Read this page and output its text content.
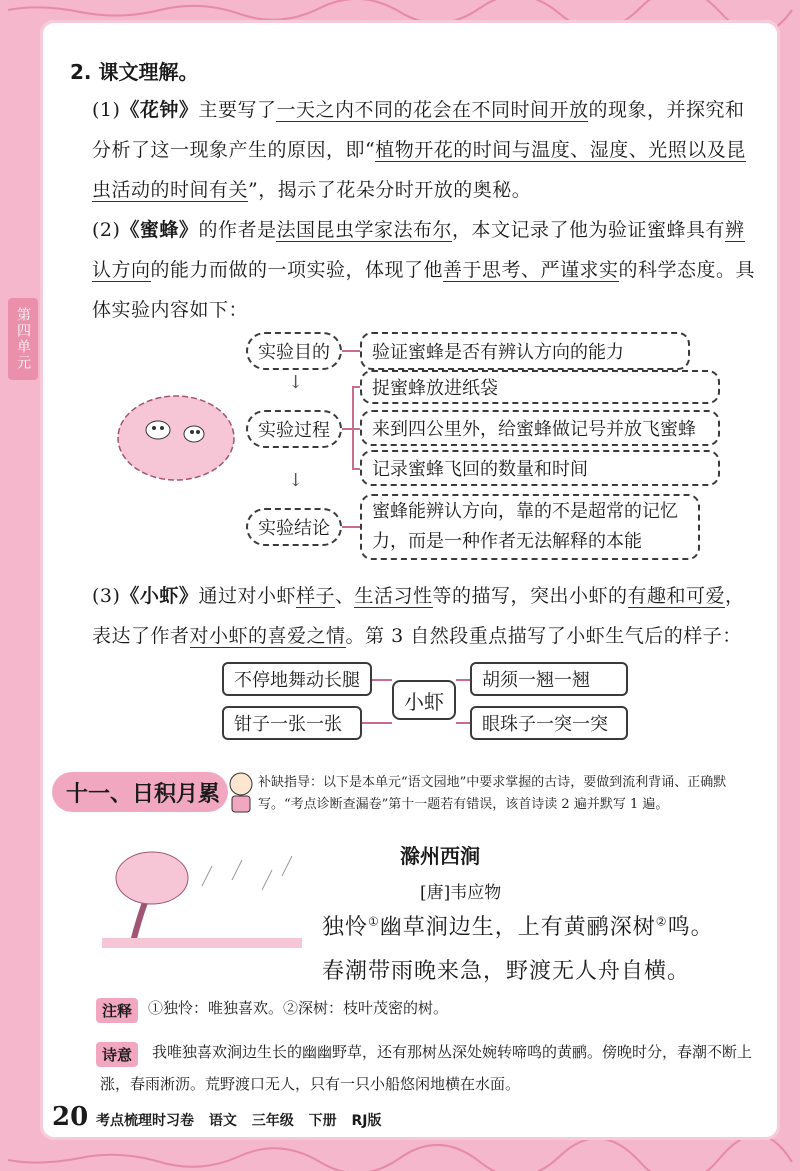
第四单元
2. 课文理解。
(1)《花钟》主要写了一天之内不同的花会在不同时间开放的现象，并探究和分析了这一现象产生的原因，即“植物开花的时间与温度、湿度、光照以及昆虫活动的时间有关”，揭示了花朵分时开放的奥秘。
(2)《蜜蜂》的作者是法国昆虫学家法布尔，本文记录了他为验证蜜蜂具有辨认方向的能力而做的一项实验，体现了他善于思考、严谨求实的科学态度。具体实验内容如下：
↓
↓
实验目的	验证蜜蜂是否有辨认方向的能力
实验过程
捉蜜蜂放进纸袋
来到四公里外，给蜜蜂做记号并放飞蜜蜂
记录蜜蜂飞回的数量和时间
实验结论
蜜蜂能辨认方向，靠的不是超常的记忆力，而是一种作者无法解释的本能
(3)《小虾》通过对小虾样子、生活习性等的描写，突出小虾的有趣和可爱，表达了作者对小虾的喜爱之情。第 3 自然段重点描写了小虾生气后的样子：
不停地舞动长腿
钳子一张一张
小虾
胡须一翘一翘
眼珠子一突一突
十一、日积月累	补缺指导：以下是本单元“语文园地”中要求掌握的古诗，要做到流利背诵、正确默写。“考点诊断查漏卷”第十一题若有错误，该首诗读 2 遍并默写 1 遍。
滁州西涧
[唐]韦应物
独怜①幽草涧边生，上有黄鹂深树②鸣。
春潮带雨晚来急，野渡无人舟自横。
注释	①独怜：唯独喜欢。②深树：枝叶茂密的树。
诗意	我唯独喜欢涧边生长的幽幽野草，还有那树丛深处婉转啼鸣的黄鹂。傍晚时分，春潮不断上涨，春雨淅沥。荒野渡口无人，只有一只小船悠闲地横在水面。
20 考点梳理时习卷 语文 三年级 下册 RJ版
